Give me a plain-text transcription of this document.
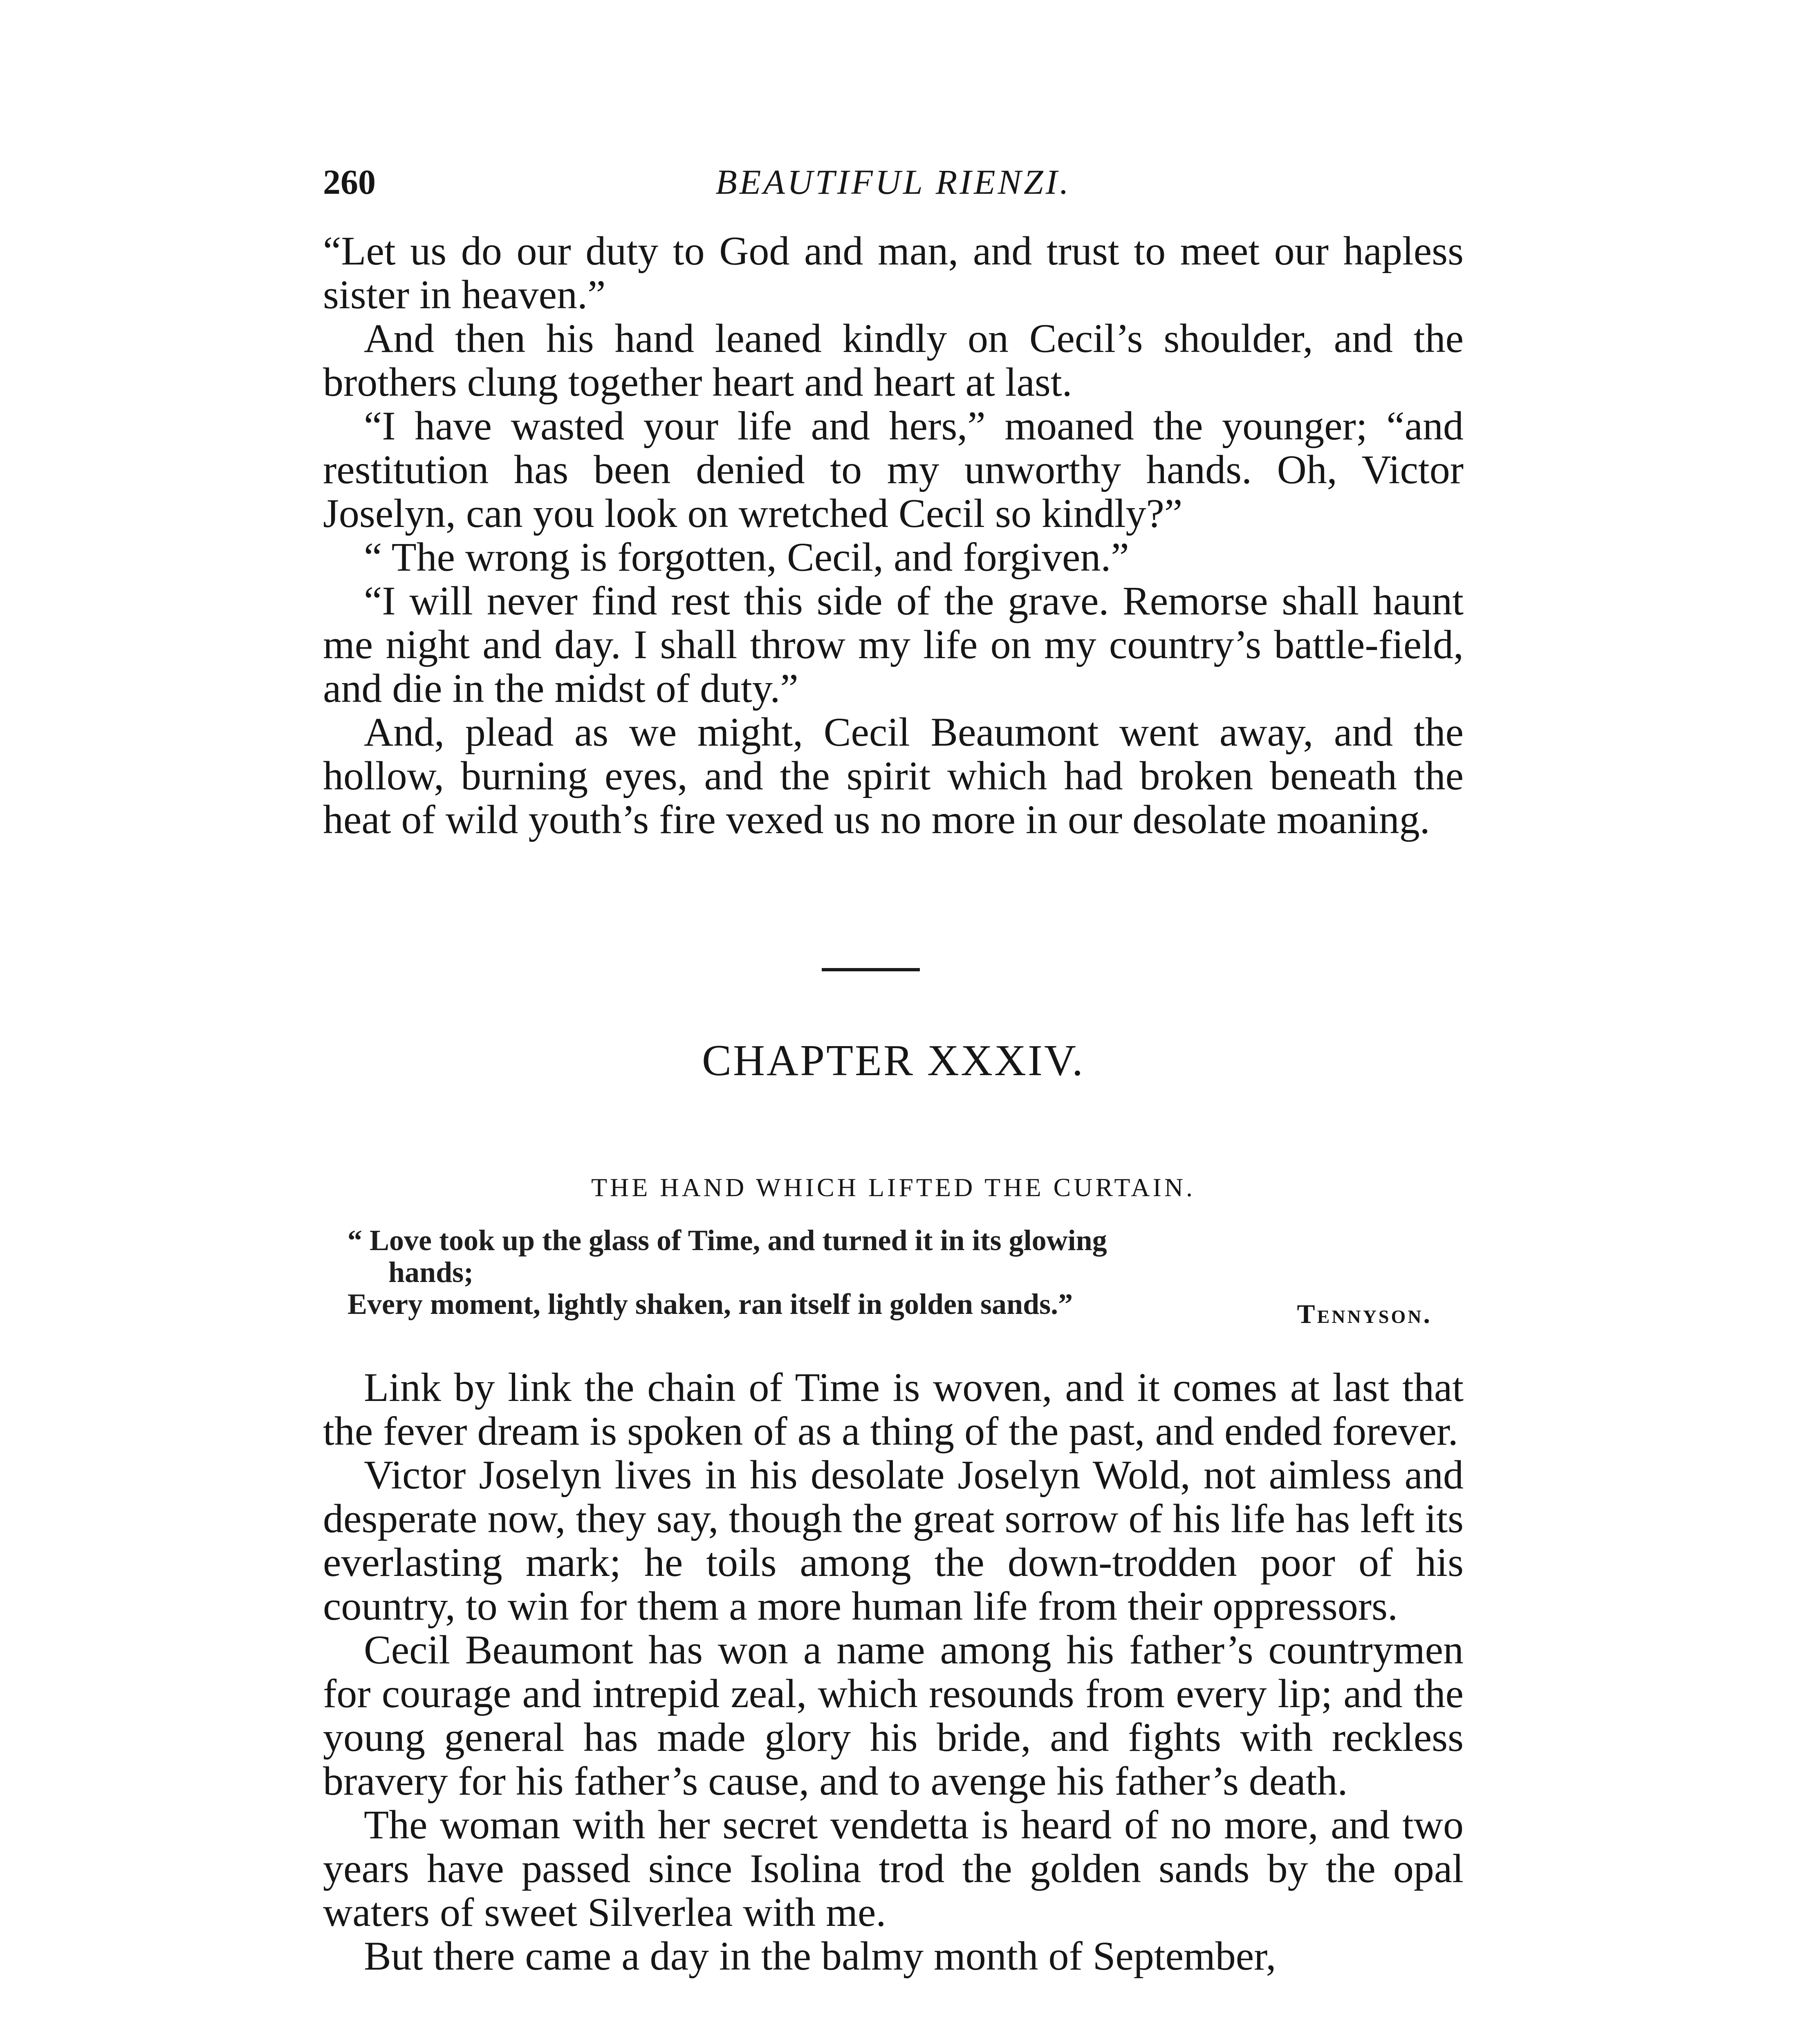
260	BEAUTIFUL RIENZI.

“Let us do our duty to God and man, and trust to meet our hapless sister in heaven.”

And then his hand leaned kindly on Cecil’s shoulder, and the brothers clung together heart and heart at last.

“I have wasted your life and hers,” moaned the younger; “and restitution has been denied to my unworthy hands. Oh, Victor Joselyn, can you look on wretched Cecil so kindly?”

“ The wrong is forgotten, Cecil, and forgiven.”

“I will never find rest this side of the grave. Remorse shall haunt me night and day. I shall throw my life on my country’s battle-field, and die in the midst of duty.”

And, plead as we might, Cecil Beaumont went away, and the hollow, burning eyes, and the spirit which had broken beneath the heat of wild youth’s fire vexed us no more in our desolate moaning.

CHAPTER XXXIV.
THE HAND WHICH LIFTED THE CURTAIN.
“ Love took up the glass of Time, and turned it in its glowing
hands;
Every moment, lightly shaken, ran itself in golden sands.”	Tennyson.

Link by link the chain of Time is woven, and it comes at last that the fever dream is spoken of as a thing of the past, and ended forever.

Victor Joselyn lives in his desolate Joselyn Wold, not aimless and desperate now, they say, though the great sorrow of his life has left its everlasting mark; he toils among the down-trodden poor of his country, to win for them a more human life from their oppressors.

Cecil Beaumont has won a name among his father’s countrymen for courage and intrepid zeal, which resounds from every lip; and the young general has made glory his bride, and fights with reckless bravery for his father’s cause, and to avenge his father’s death.

The woman with her secret vendetta is heard of no more, and two years have passed since Isolina trod the golden sands by the opal waters of sweet Silverlea with me.

But there came a day in the balmy month of September,
